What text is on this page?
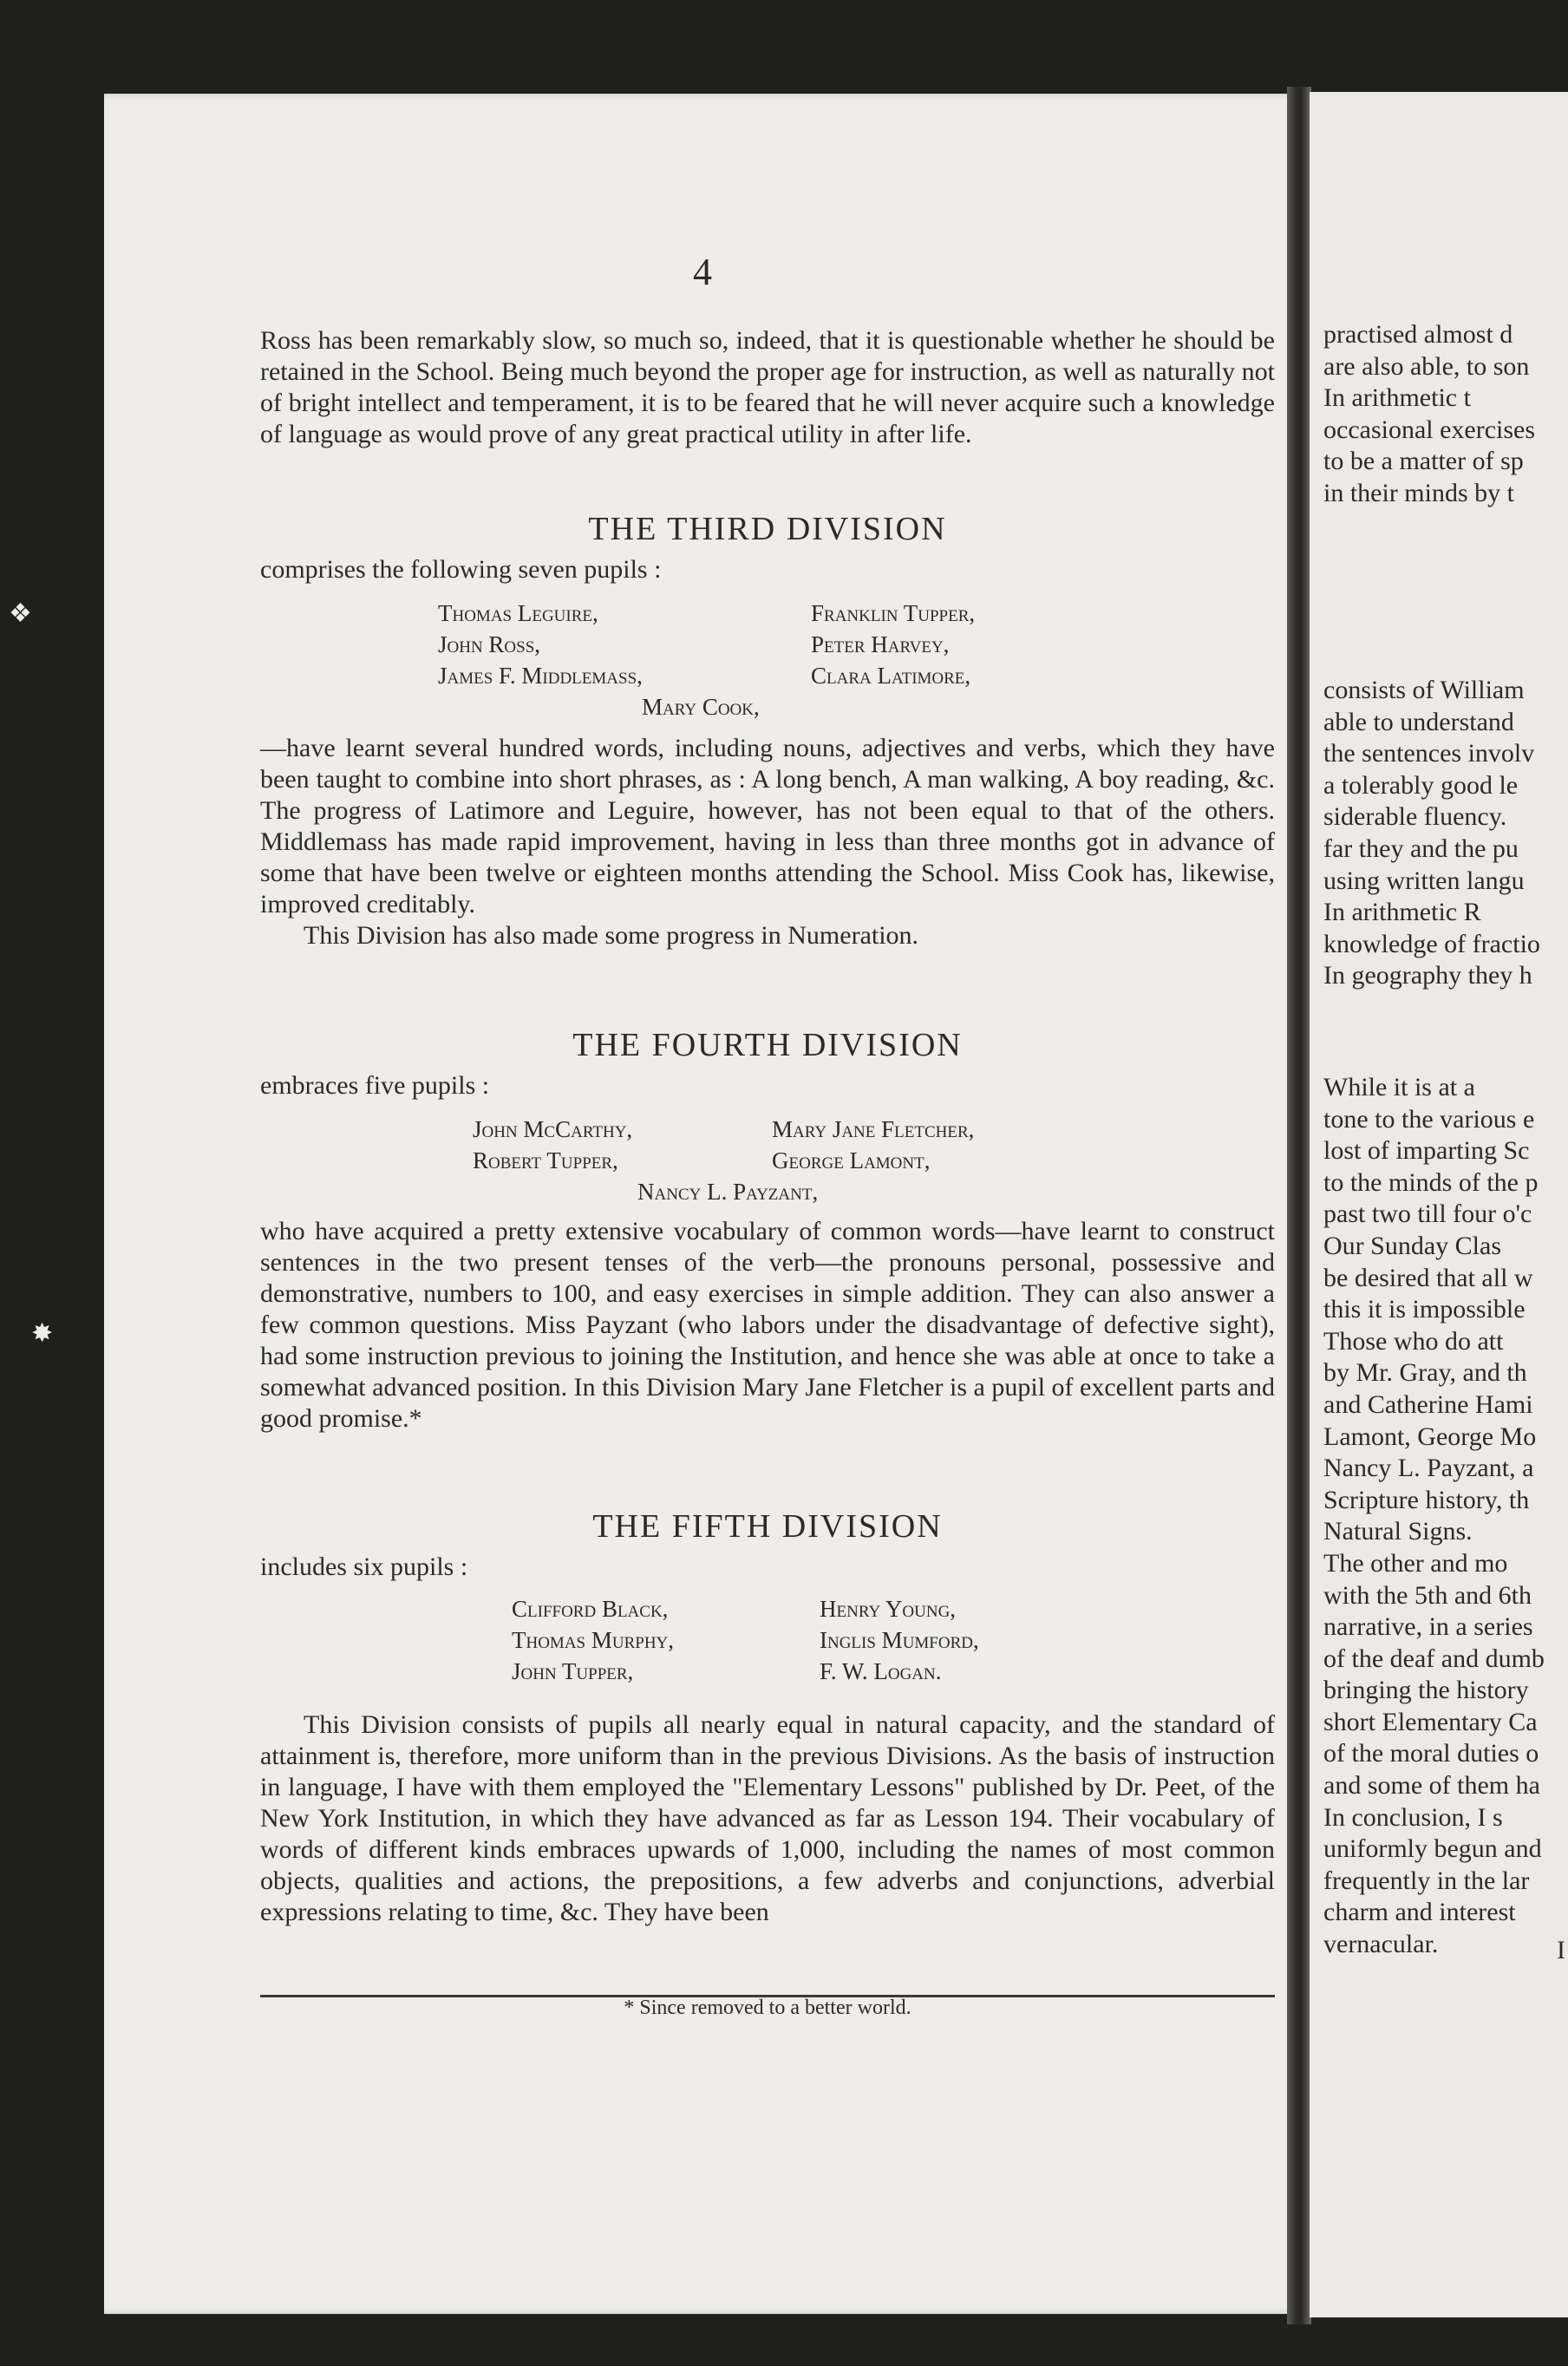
practised almost d
are also able, to son
In arithmetic t
occasional exercises
to be a matter of sp
in their minds by t
consists of William
able to understand
the sentences involv
a tolerably good le
siderable fluency.
far they and the pu
using written langu
In arithmetic R
knowledge of fractio
In geography they h
While it is at a
tone to the various e
lost of imparting Sc
to the minds of the p
past two till four o'c
Our Sunday Clas
be desired that all w
this it is impossible
Those who do att
by Mr. Gray, and th
and Catherine Hami
Lamont, George Mo
Nancy L. Payzant, a
Scripture history, th
Natural Signs.
The other and mo
with the 5th and 6th
narrative, in a series
of the deaf and dumb
bringing the history
short Elementary Ca
of the moral duties o
and some of them ha
In conclusion, I s
uniformly begun and
frequently in the lar
charm and interest
vernacular.	I
❖
✸
4

Ross has been remarkably slow, so much so, indeed, that it is questionable whether he should be retained in the School. Being much beyond the proper age for instruction, as well as naturally not of bright intellect and temperament, it is to be feared that he will never acquire such a knowledge of language as would prove of any great practical utility in after life.

THE THIRD DIVISION

comprises the following seven pupils :

Thomas Leguire,
John Ross,
James F. Middlemass,
Franklin Tupper,
Peter Harvey,
Clara Latimore,
Mary Cook,

—have learnt several hundred words, including nouns, adjectives and verbs, which they have been taught to combine into short phrases, as : A long bench, A man walking, A boy reading, &c. The progress of Latimore and Leguire, however, has not been equal to that of the others. Middlemass has made rapid improvement, having in less than three months got in advance of some that have been twelve or eighteen months attending the School. Miss Cook has, likewise, improved creditably.

This Division has also made some progress in Numeration.

THE FOURTH DIVISION

embraces five pupils :

John McCarthy,
Robert Tupper,
Mary Jane Fletcher,
George Lamont,
Nancy L. Payzant,

who have acquired a pretty extensive vocabulary of common words—have learnt to construct sentences in the two present tenses of the verb—the pronouns personal, possessive and demonstrative, numbers to 100, and easy exercises in simple addition. They can also answer a few common questions. Miss Payzant (who labors under the disadvantage of defective sight), had some instruction previous to joining the Institution, and hence she was able at once to take a somewhat advanced position. In this Division Mary Jane Fletcher is a pupil of excellent parts and good promise.*

THE FIFTH DIVISION

includes six pupils :

Clifford Black,
Thomas Murphy,
John Tupper,
Henry Young,
Inglis Mumford,
F. W. Logan.

This Division consists of pupils all nearly equal in natural capacity, and the standard of attainment is, therefore, more uniform than in the previous Divisions. As the basis of instruction in language, I have with them employed the "Elementary Lessons" published by Dr. Peet, of the New York Institution, in which they have advanced as far as Lesson 194. Their vocabulary of words of different kinds embraces upwards of 1,000, including the names of most common objects, qualities and actions, the prepositions, a few adverbs and conjunctions, adverbial expressions relating to time, &c. They have been

* Since removed to a better world.
